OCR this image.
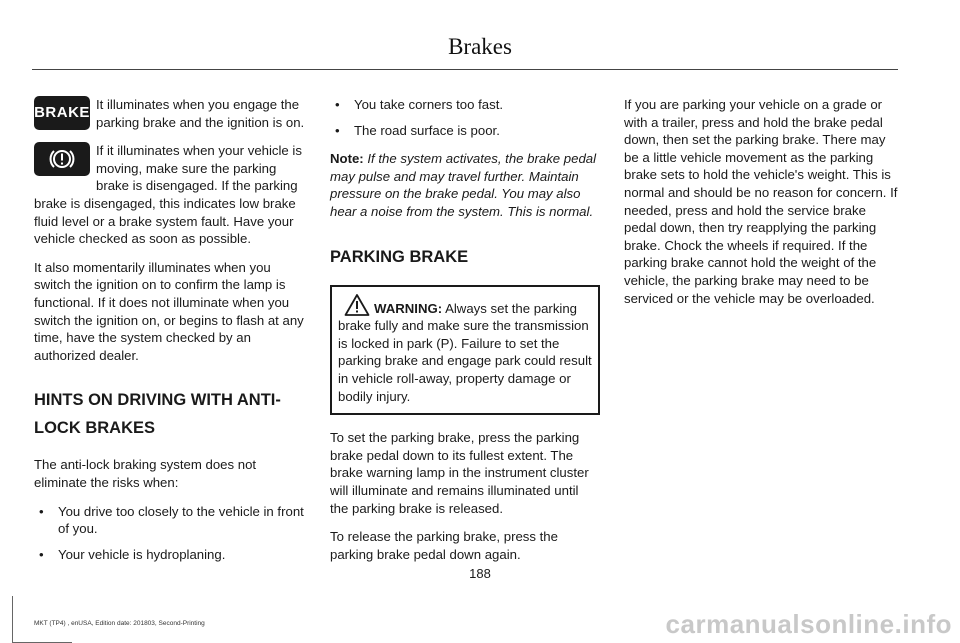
Brakes
BRAKE It illuminates when you engage the parking brake and the ignition is on.

If it illuminates when your vehicle is moving, make sure the parking brake is disengaged. If the parking brake is disengaged, this indicates low brake fluid level or a brake system fault. Have your vehicle checked as soon as possible.

It also momentarily illuminates when you switch the ignition on to confirm the lamp is functional. If it does not illuminate when you switch the ignition on, or begins to flash at any time, have the system checked by an authorized dealer.

HINTS ON DRIVING WITH ANTI-LOCK BRAKES

The anti-lock braking system does not eliminate the risks when:

• You drive too closely to the vehicle in front of you.
• Your vehicle is hydroplaning.
• You take corners too fast.
• The road surface is poor.

Note: If the system activates, the brake pedal may pulse and may travel further. Maintain pressure on the brake pedal. You may also hear a noise from the system. This is normal.

PARKING BRAKE
WARNING: Always set the parking brake fully and make sure the transmission is locked in park (P). Failure to set the parking brake and engage park could result in vehicle roll-away, property damage or bodily injury.

To set the parking brake, press the parking brake pedal down to its fullest extent. The brake warning lamp in the instrument cluster will illuminate and remains illuminated until the parking brake is released.

To release the parking brake, press the parking brake pedal down again.

If you are parking your vehicle on a grade or with a trailer, press and hold the brake pedal down, then set the parking brake. There may be a little vehicle movement as the parking brake sets to hold the vehicle's weight. This is normal and should be no reason for concern. If needed, press and hold the service brake pedal down, then try reapplying the parking brake. Chock the wheels if required. If the parking brake cannot hold the weight of the vehicle, the parking brake may need to be serviced or the vehicle may be overloaded.

188
MKT (TP4) , enUSA, Edition date: 201803, Second-Printing	carmanualsonline.info
